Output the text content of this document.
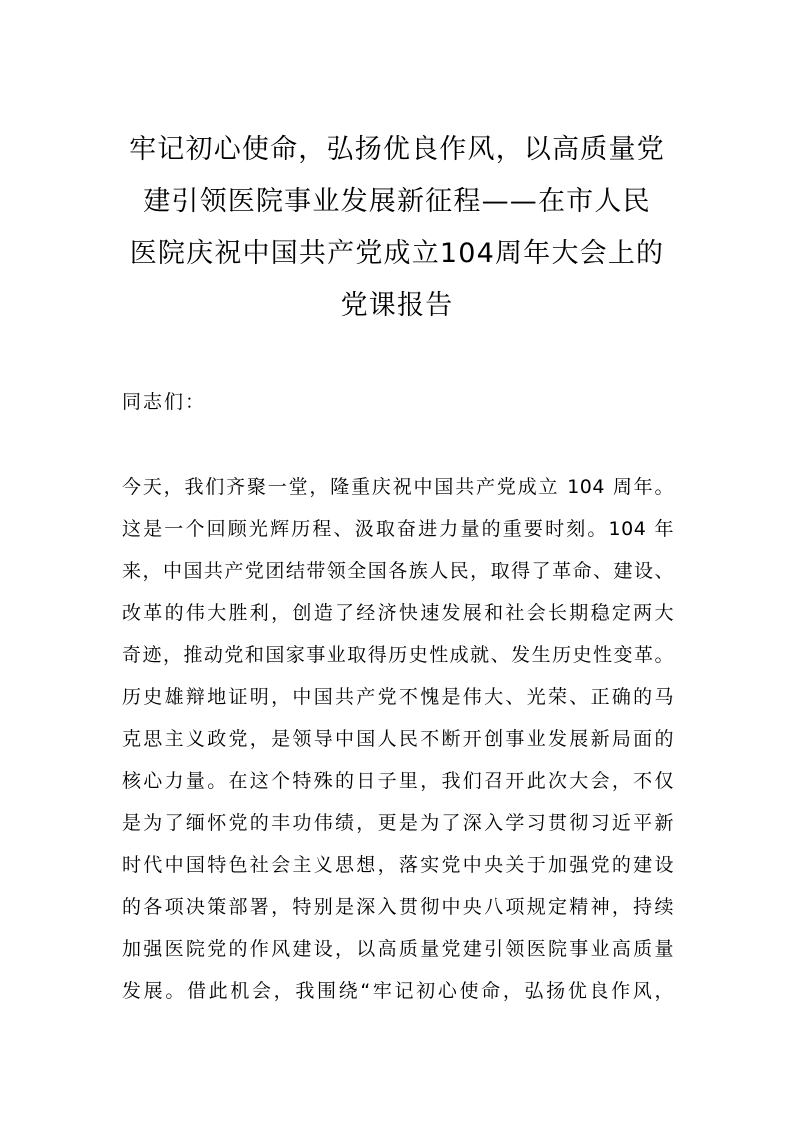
牢记初心使命，弘扬优良作风，以高质量党
建引领医院事业发展新征程——在市人民
医院庆祝中国共产党成立104周年大会上的
党课报告
同志们：
今天，我们齐聚一堂，隆重庆祝中国共产党成立 104 周年。
这是一个回顾光辉历程、汲取奋进力量的重要时刻。104 年
来，中国共产党团结带领全国各族人民，取得了革命、建设、
改革的伟大胜利，创造了经济快速发展和社会长期稳定两大
奇迹，推动党和国家事业取得历史性成就、发生历史性变革。
历史雄辩地证明，中国共产党不愧是伟大、光荣、正确的马
克思主义政党，是领导中国人民不断开创事业发展新局面的
核心力量。在这个特殊的日子里，我们召开此次大会，不仅
是为了缅怀党的丰功伟绩，更是为了深入学习贯彻习近平新
时代中国特色社会主义思想，落实党中央关于加强党的建设
的各项决策部署，特别是深入贯彻中央八项规定精神，持续
加强医院党的作风建设，以高质量党建引领医院事业高质量
发展。借此机会，我围绕“牢记初心使命，弘扬优良作风，
